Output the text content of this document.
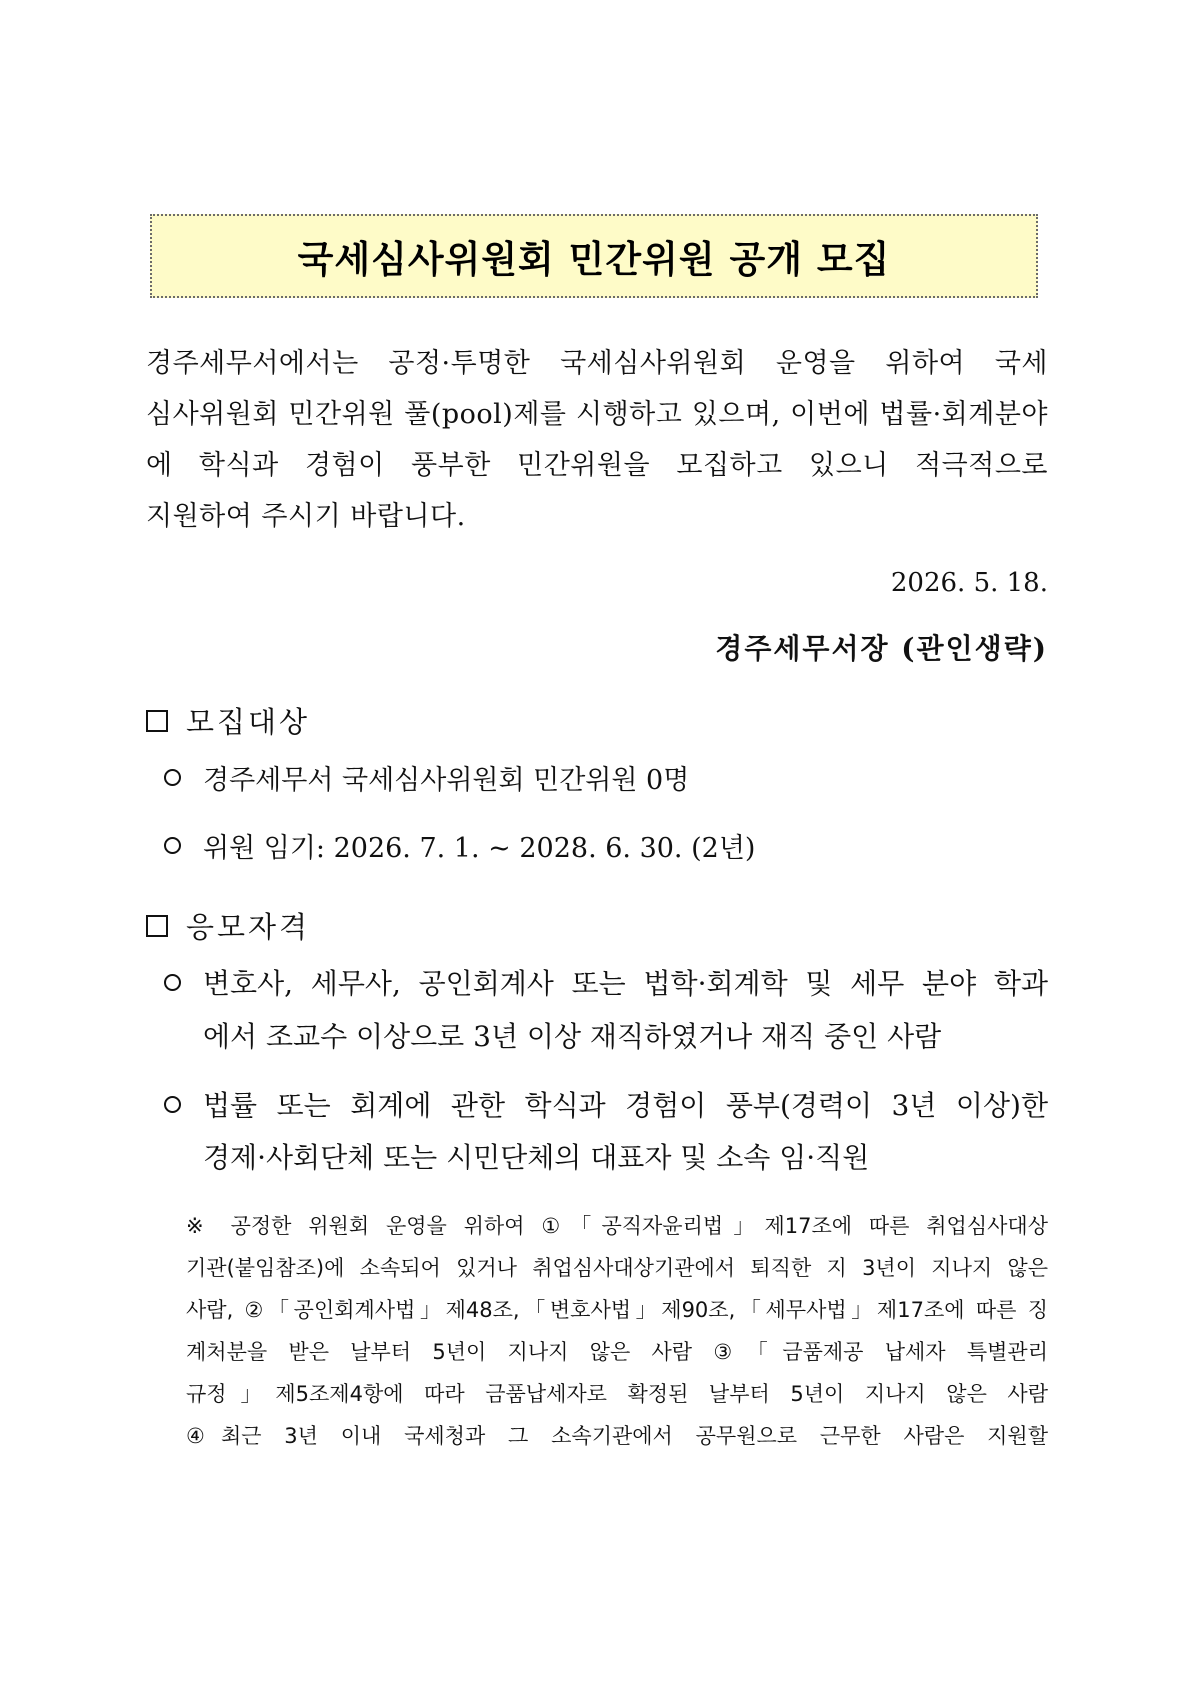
국세심사위원회 민간위원 공개 모집

경주세무서에서는 공정·투명한 국세심사위원회 운영을 위하여 국세

심사위원회 민간위원 풀(pool)제를 시행하고 있으며, 이번에 법률·회계분야

에 학식과 경험이 풍부한 민간위원을 모집하고 있으니 적극적으로

지원하여 주시기 바랍니다.

2026. 5. 18.
경주세무서장 (관인생략)
모집대상
경주세무서 국세심사위원회 민간위원 0명
위원 임기: 2026. 7. 1. ~ 2028. 6. 30. (2년)
응모자격
변호사, 세무사, 공인회계사 또는 법학·회계학 및 세무 분야 학과
에서 조교수 이상으로 3년 이상 재직하였거나 재직 중인 사람
법률 또는 회계에 관한 학식과 경험이 풍부(경력이 3년 이상)한
경제·사회단체 또는 시민단체의 대표자 및 소속 임·직원

※ 공정한 위원회 운영을 위하여 ①「공직자윤리법」제17조에 따른 취업심사대상

기관(붙임참조)에 소속되어 있거나 취업심사대상기관에서 퇴직한 지 3년이 지나지 않은

사람, ②「공인회계사법」제48조,「변호사법」제90조,「세무사법」제17조에 따른 징

계처분을 받은 날부터 5년이 지나지 않은 사람 ③「금품제공 납세자 특별관리

규정」제5조제4항에 따라 금품납세자로 확정된 날부터 5년이 지나지 않은 사람

④최근 3년 이내 국세청과 그 소속기관에서 공무원으로 근무한 사람은 지원할
